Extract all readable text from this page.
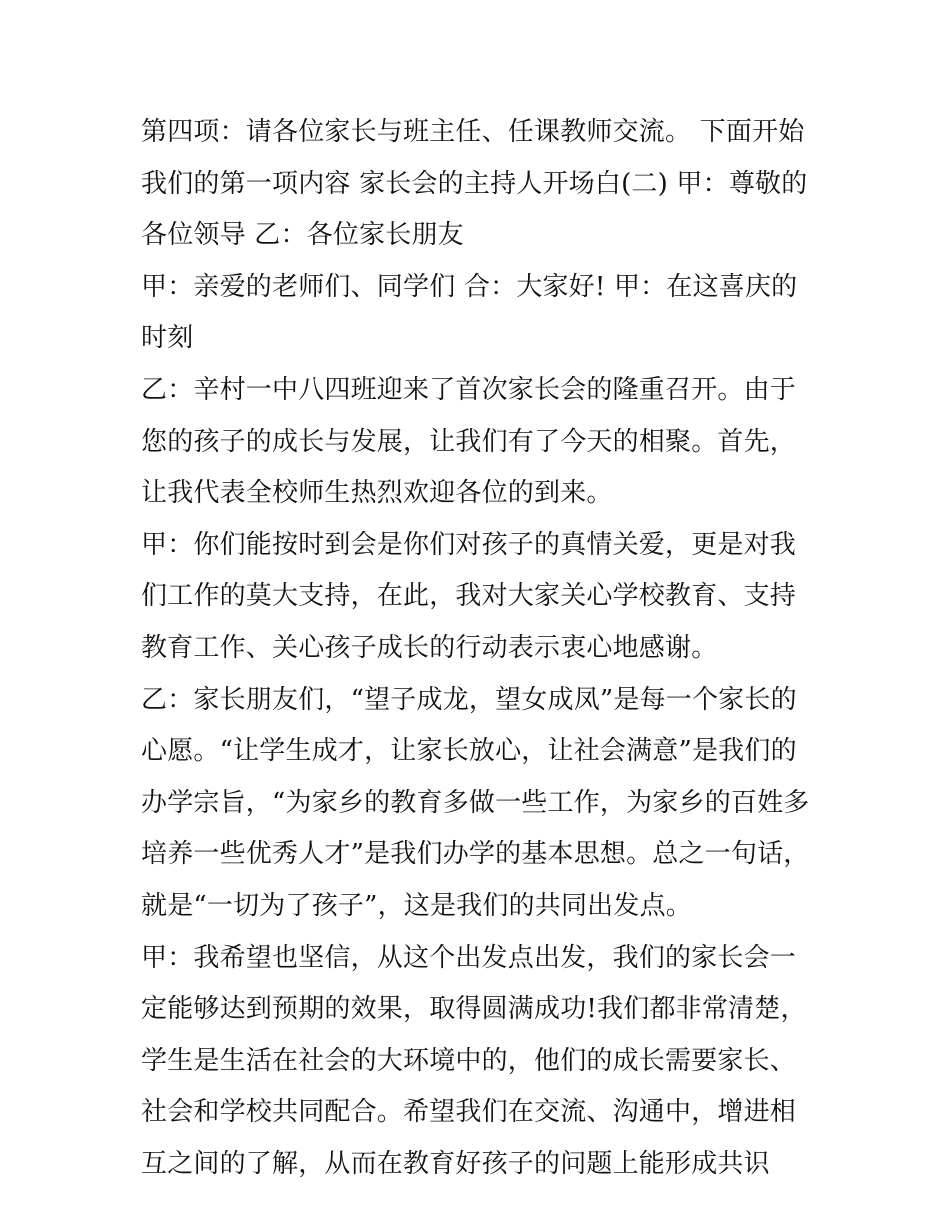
第四项：请各位家长与班主任、任课教师交流。 下面开始我们的第一项内容 家长会的主持人开场白(二) 甲：尊敬的各位领导 乙：各位家长朋友

甲：亲爱的老师们、同学们 合：大家好! 甲：在这喜庆的时刻

乙：辛村一中八四班迎来了首次家长会的隆重召开。由于您的孩子的成长与发展，让我们有了今天的相聚。首先，让我代表全校师生热烈欢迎各位的到来。

甲：你们能按时到会是你们对孩子的真情关爱，更是对我们工作的莫大支持，在此，我对大家关心学校教育、支持教育工作、关心孩子成长的行动表示衷心地感谢。

乙：家长朋友们，“望子成龙，望女成凤”是每一个家长的心愿。“让学生成才，让家长放心，让社会满意”是我们的办学宗旨，“为家乡的教育多做一些工作，为家乡的百姓多培养一些优秀人才”是我们办学的基本思想。总之一句话，就是“一切为了孩子”，这是我们的共同出发点。

甲：我希望也坚信，从这个出发点出发，我们的家长会一定能够达到预期的效果，取得圆满成功!我们都非常清楚，学生是生活在社会的大环境中的，他们的成长需要家长、社会和学校共同配合。希望我们在交流、沟通中，增进相互之间的了解，从而在教育好孩子的问题上能形成共识
